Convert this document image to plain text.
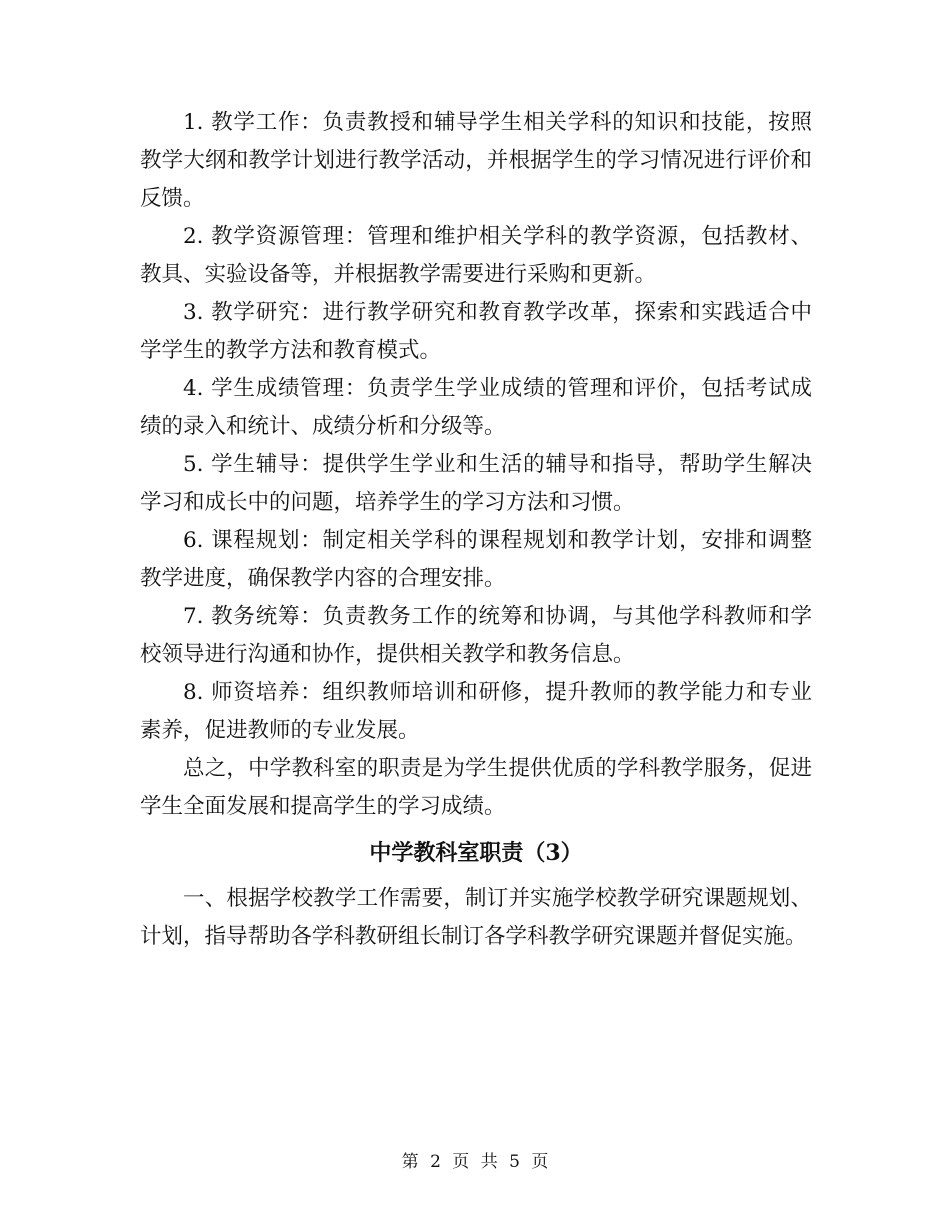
1. 教学工作：负责教授和辅导学生相关学科的知识和技能，按照教学大纲和教学计划进行教学活动，并根据学生的学习情况进行评价和反馈。

2. 教学资源管理：管理和维护相关学科的教学资源，包括教材、教具、实验设备等，并根据教学需要进行采购和更新。

3. 教学研究：进行教学研究和教育教学改革，探索和实践适合中学学生的教学方法和教育模式。

4. 学生成绩管理：负责学生学业成绩的管理和评价，包括考试成绩的录入和统计、成绩分析和分级等。

5. 学生辅导：提供学生学业和生活的辅导和指导，帮助学生解决学习和成长中的问题，培养学生的学习方法和习惯。

6. 课程规划：制定相关学科的课程规划和教学计划，安排和调整教学进度，确保教学内容的合理安排。

7. 教务统筹：负责教务工作的统筹和协调，与其他学科教师和学校领导进行沟通和协作，提供相关教学和教务信息。

8. 师资培养：组织教师培训和研修，提升教师的教学能力和专业素养，促进教师的专业发展。

总之，中学教科室的职责是为学生提供优质的学科教学服务，促进学生全面发展和提高学生的学习成绩。

中学教科室职责（3）

一、根据学校教学工作需要，制订并实施学校教学研究课题规划、计划，指导帮助各学科教研组长制订各学科教学研究课题并督促实施。

第 2 页 共 5 页
